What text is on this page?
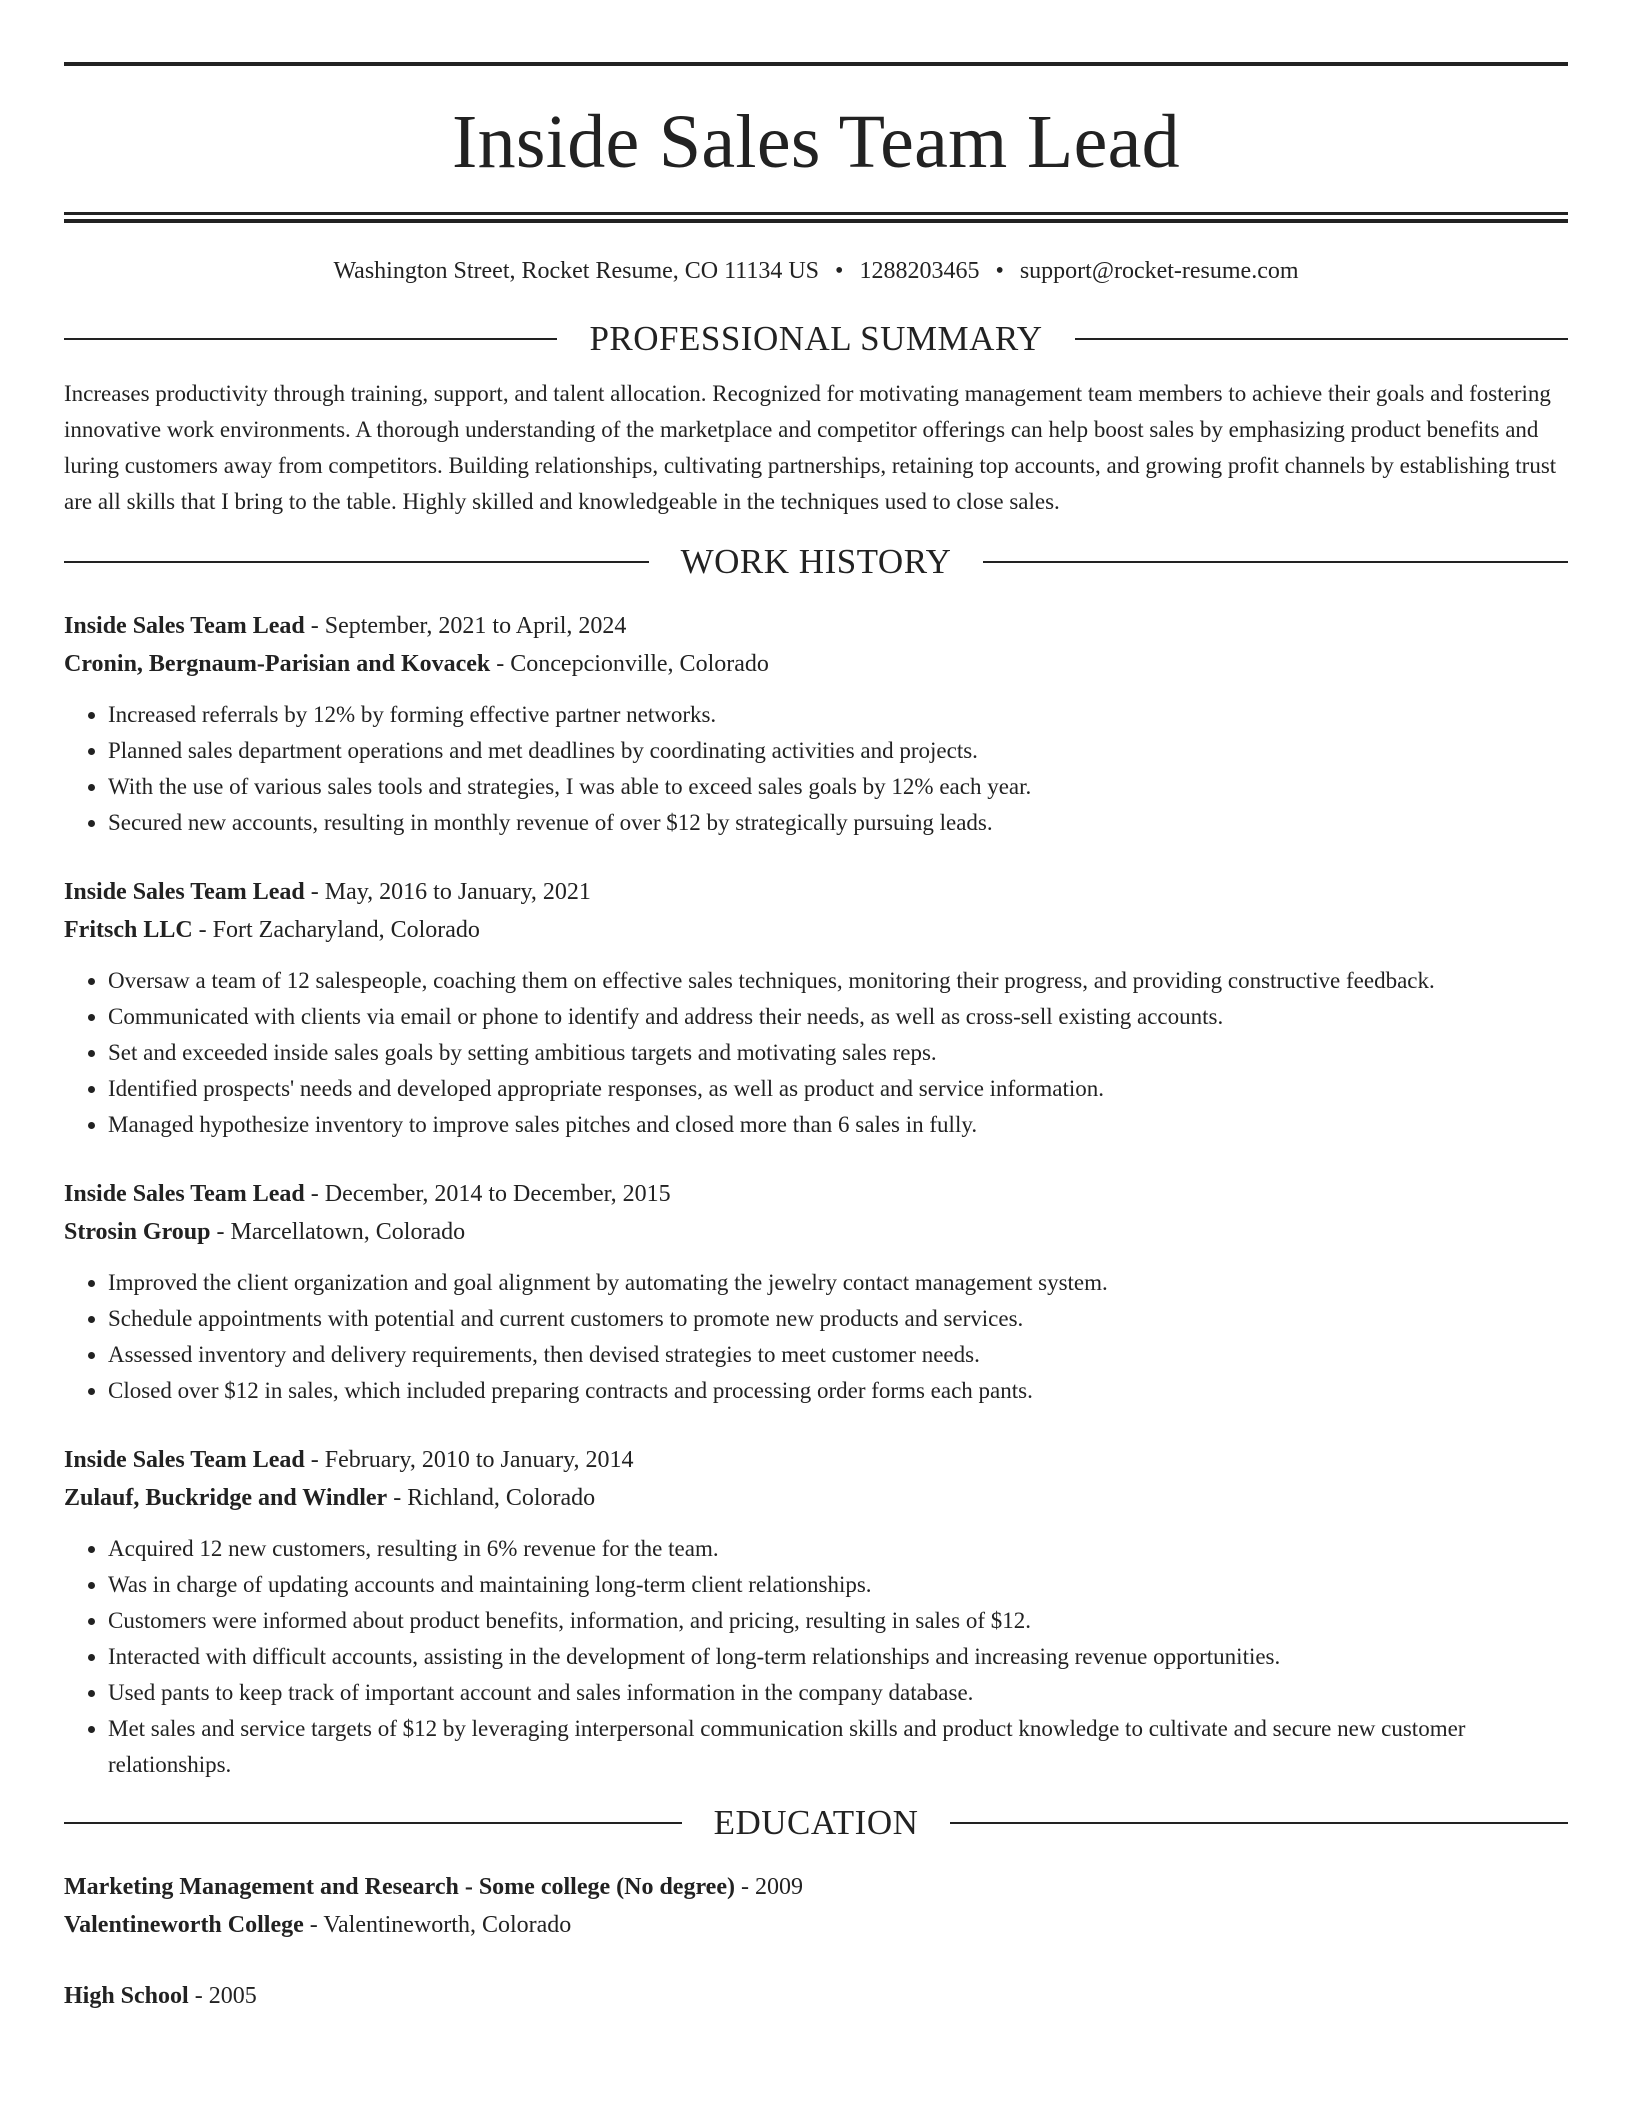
Inside Sales Team Lead
Washington Street, Rocket Resume, CO 11134 US • 1288203465 • support@rocket-resume.com
PROFESSIONAL SUMMARY
Increases productivity through training, support, and talent allocation. Recognized for motivating management team members to achieve their goals and fostering innovative work environments. A thorough understanding of the marketplace and competitor offerings can help boost sales by emphasizing product benefits and luring customers away from competitors. Building relationships, cultivating partnerships, retaining top accounts, and growing profit channels by establishing trust are all skills that I bring to the table. Highly skilled and knowledgeable in the techniques used to close sales.
WORK HISTORY
Inside Sales Team Lead - September, 2021 to April, 2024
Cronin, Bergnaum-Parisian and Kovacek - Concepcionville, Colorado
• Increased referrals by 12% by forming effective partner networks.
• Planned sales department operations and met deadlines by coordinating activities and projects.
• With the use of various sales tools and strategies, I was able to exceed sales goals by 12% each year.
• Secured new accounts, resulting in monthly revenue of over $12 by strategically pursuing leads.
Inside Sales Team Lead - May, 2016 to January, 2021
Fritsch LLC - Fort Zacharyland, Colorado
• Oversaw a team of 12 salespeople, coaching them on effective sales techniques, monitoring their progress, and providing constructive feedback.
• Communicated with clients via email or phone to identify and address their needs, as well as cross-sell existing accounts.
• Set and exceeded inside sales goals by setting ambitious targets and motivating sales reps.
• Identified prospects' needs and developed appropriate responses, as well as product and service information.
• Managed hypothesize inventory to improve sales pitches and closed more than 6 sales in fully.
Inside Sales Team Lead - December, 2014 to December, 2015
Strosin Group - Marcellatown, Colorado
• Improved the client organization and goal alignment by automating the jewelry contact management system.
• Schedule appointments with potential and current customers to promote new products and services.
• Assessed inventory and delivery requirements, then devised strategies to meet customer needs.
• Closed over $12 in sales, which included preparing contracts and processing order forms each pants.
Inside Sales Team Lead - February, 2010 to January, 2014
Zulauf, Buckridge and Windler - Richland, Colorado
• Acquired 12 new customers, resulting in 6% revenue for the team.
• Was in charge of updating accounts and maintaining long-term client relationships.
• Customers were informed about product benefits, information, and pricing, resulting in sales of $12.
• Interacted with difficult accounts, assisting in the development of long-term relationships and increasing revenue opportunities.
• Used pants to keep track of important account and sales information in the company database.
• Met sales and service targets of $12 by leveraging interpersonal communication skills and product knowledge to cultivate and secure new customer relationships.
EDUCATION
Marketing Management and Research - Some college (No degree) - 2009
Valentineworth College - Valentineworth, Colorado
High School - 2005
